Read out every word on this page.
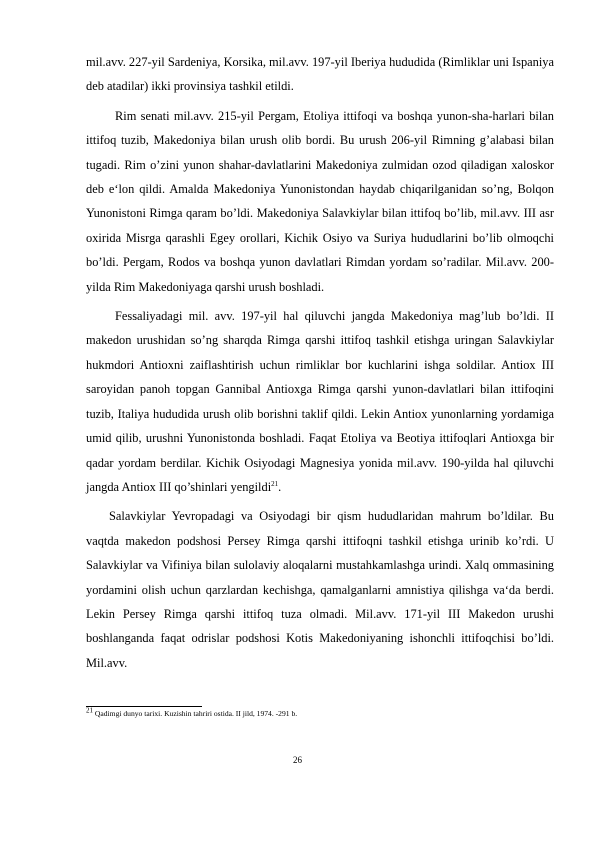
mil.avv. 227-yil Sardeniya, Korsika, mil.avv. 197-yil Iberiya hududida (Rimliklar uni Ispaniya deb atadilar) ikki provinsiya tashkil etildi.

Rim senati mil.avv. 215-yil Pergam, Etoliya ittifoqi va boshqa yunon-sha-harlari bilan ittifoq tuzib, Makedoniya bilan urush olib bordi. Bu urush 206-yil Rimning g’alabasi bilan tugadi. Rim o’zini yunon shahar-davlatlarini Makedoniya zulmidan ozod qiladigan xaloskor deb e‘lon qildi. Amalda Makedoniya Yunonistondan haydab chiqarilganidan so’ng, Bolqon Yunonistoni Rimga qaram bo’ldi. Makedoniya Salavkiylar bilan ittifoq bo’lib, mil.avv. III asr oxirida Misrga qarashli Egey orollari, Kichik Osiyo va Suriya hududlarini bo’lib olmoqchi bo’ldi. Pergam, Rodos va boshqa yunon davlatlari Rimdan yordam so’radilar. Mil.avv. 200-yilda Rim Makedoniyaga qarshi urush boshladi.

Fessaliyadagi mil. avv. 197-yil hal qiluvchi jangda Makedoniya mag’lub bo’ldi. II makedon urushidan so’ng sharqda Rimga qarshi ittifoq tashkil etishga uringan Salavkiylar hukmdori Antioxni zaiflashtirish uchun rimliklar bor kuchlarini ishga soldilar. Antiox III saroyidan panoh topgan Gannibal Antioxga Rimga qarshi yunon-davlatlari bilan ittifoqini tuzib, Italiya hududida urush olib borishni taklif qildi. Lekin Antiox yunonlarning yordamiga umid qilib, urushni Yunonistonda boshladi. Faqat Etoliya va Beotiya ittifoqlari Antioxga bir qadar yordam berdilar. Kichik Osiyodagi Magnesiya yonida mil.avv. 190-yilda hal qiluvchi jangda Antiox III qo’shinlari yengildi$^{21}$.

Salavkiylar Yevropadagi va Osiyodagi bir qism hududlaridan mahrum bo’ldilar. Bu vaqtda makedon podshosi Persey Rimga qarshi ittifoqni tashkil etishga urinib ko’rdi. U Salavkiylar va Vifiniya bilan sulolaviy aloqalarni mustahkamlashga urindi. Xalq ommasining yordamini olish uchun qarzlardan kechishga, qamalganlarni amnistiya qilishga va‘da berdi. Lekin Persey Rimga qarshi ittifoq tuza olmadi. Mil.avv. 171-yil III Makedon urushi boshlanganda faqat odrislar podshosi Kotis Makedoniyaning ishonchli ittifoqchisi bo’ldi. Mil.avv.

$^{21}$ Qadimgi dunyo tarixi. Kuzishin tahriri ostida. II jild, 1974. -291 b.
26
